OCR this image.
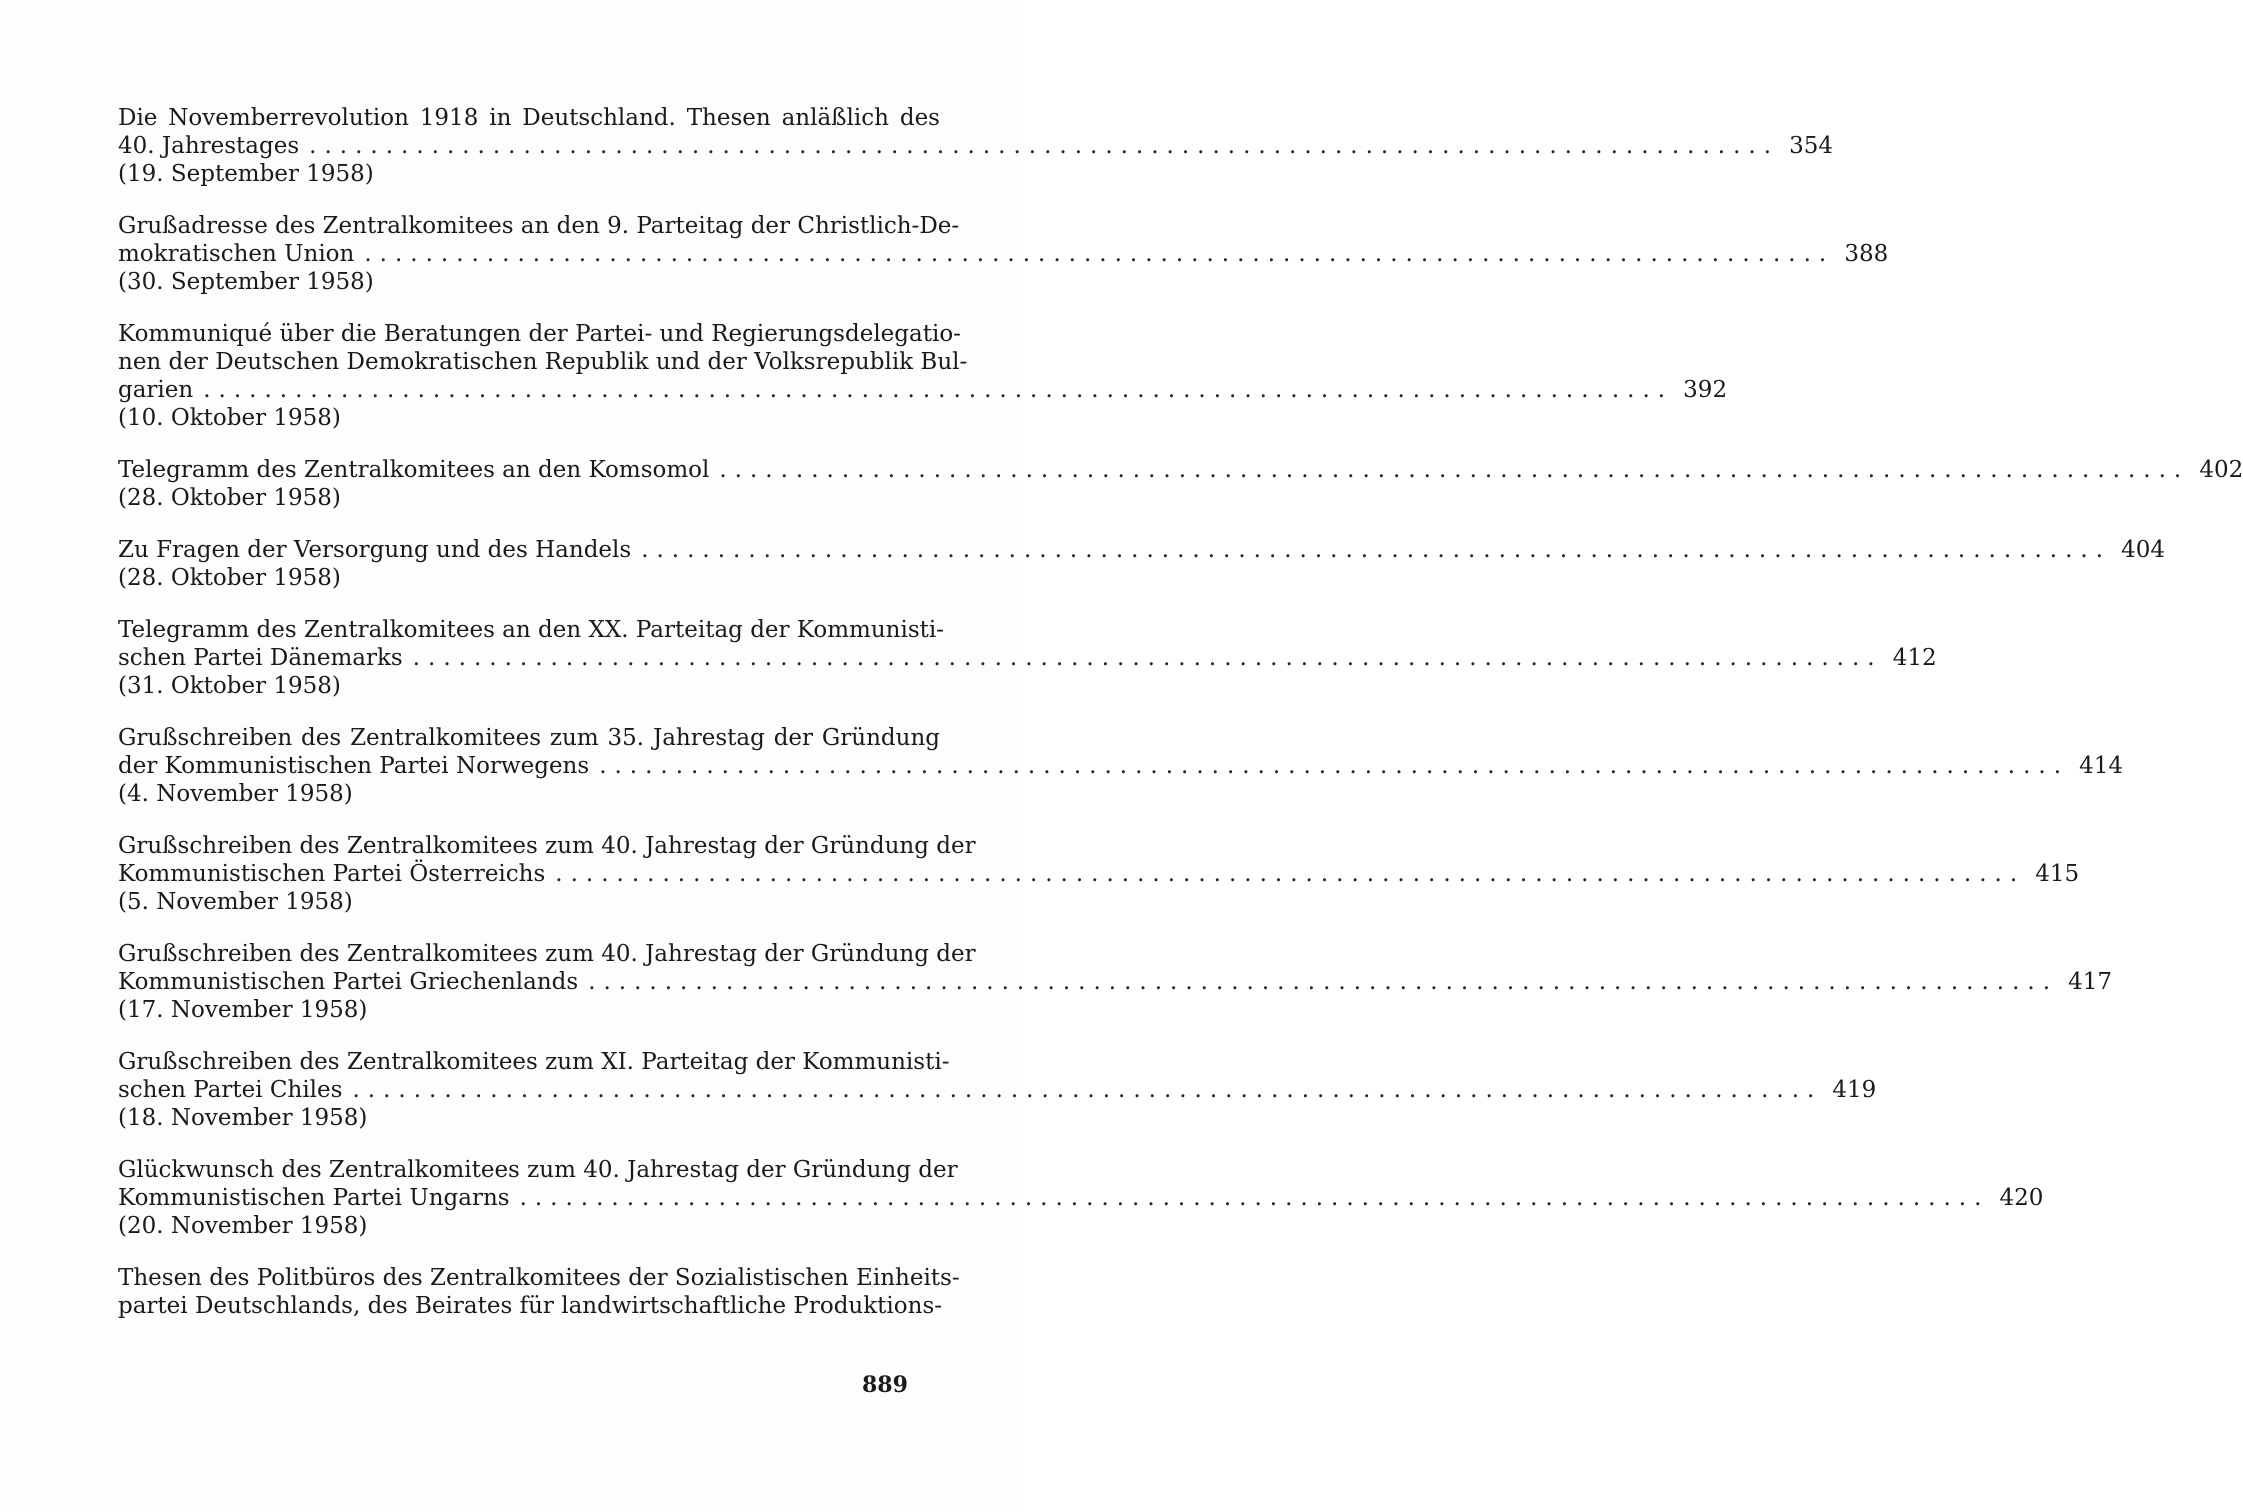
Die Novemberrevolution 1918 in Deutschland. Thesen anläßlich des
40. Jahrestages ................................................................................................ 354
(19. September 1958)
Grußadresse des Zentralkomitees an den 9. Parteitag der Christlich-De-
mokratischen Union ................................................................................................ 388
(30. September 1958)
Kommuniqué über die Beratungen der Partei- und Regierungsdelegatio-
nen der Deutschen Demokratischen Republik und der Volksrepublik Bul-
garien ................................................................................................ 392
(10. Oktober 1958)
Telegramm des Zentralkomitees an den Komsomol ................................................................................................ 402
(28. Oktober 1958)
Zu Fragen der Versorgung und des Handels ................................................................................................ 404
(28. Oktober 1958)
Telegramm des Zentralkomitees an den XX. Parteitag der Kommunisti-
schen Partei Dänemarks ................................................................................................ 412
(31. Oktober 1958)
Grußschreiben des Zentralkomitees zum 35. Jahrestag der Gründung
der Kommunistischen Partei Norwegens ................................................................................................ 414
(4. November 1958)
Grußschreiben des Zentralkomitees zum 40. Jahrestag der Gründung der
Kommunistischen Partei Österreichs ................................................................................................ 415
(5. November 1958)
Grußschreiben des Zentralkomitees zum 40. Jahrestag der Gründung der
Kommunistischen Partei Griechenlands ................................................................................................ 417
(17. November 1958)
Grußschreiben des Zentralkomitees zum XI. Parteitag der Kommunisti-
schen Partei Chiles ................................................................................................ 419
(18. November 1958)
Glückwunsch des Zentralkomitees zum 40. Jahrestag der Gründung der
Kommunistischen Partei Ungarns ................................................................................................ 420
(20. November 1958)
Thesen des Politbüros des Zentralkomitees der Sozialistischen Einheits-
partei Deutschlands, des Beirates für landwirtschaftliche Produktions-
889
